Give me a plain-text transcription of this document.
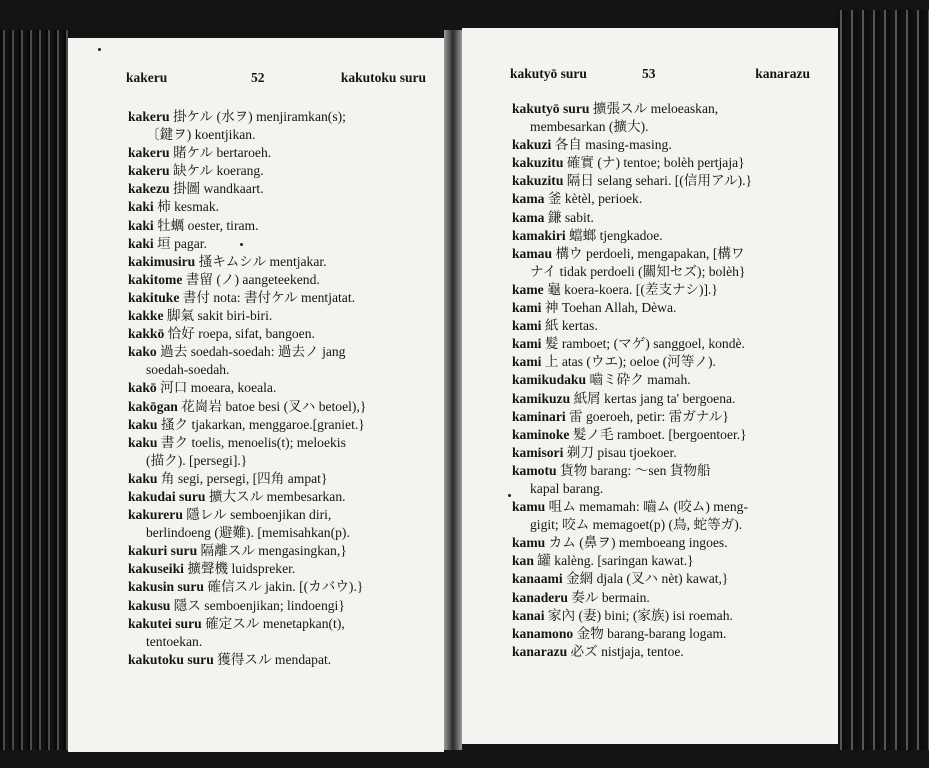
kakeru	52	kakutoku suru
kakeru 掛ケル (水ヲ) menjiramkan(s);
〔鍵ヲ) koentjikan.
kakeru 賭ケル bertaroeh.
kakeru 缺ケル koerang.
kakezu 掛圖 wandkaart.
kaki 柿 kesmak.
kaki 牡蠣 oester, tiram.
kaki 垣 pagar.
kakimusiru 搔キムシル mentjakar.
kakitome 書留 (ノ) aangeteekend.
kakituke 書付 nota: 書付ケル mentjatat.
kakke 脚氣 sakit biri-biri.
kakkō 恰好 roepa, sifat, bangoen.
kako 過去 soedah-soedah: 過去ノ jang
soedah-soedah.
kakō 河口 moeara, koeala.
kakōgan 花崗岩 batoe besi (叉ハ betoel),}
kaku 搔ク tjakarkan, menggaroe.[graniet.}
kaku 書ク toelis, menoelis(t); meloekis
(描ク). [persegi].}
kaku 角 segi, persegi, [四角 ampat}
kakudai suru 擴大スル membesarkan.
kakureru 隱レル semboenjikan diri,
berlindoeng (避難). [memisahkan(p).
kakuri suru 隔離スル mengasingkan,}
kakuseiki 擴聲機 luidspreker.
kakusin suru 確信スル jakin. [(カバウ).}
kakusu 隱ス semboenjikan; lindoengi}
kakutei suru 確定スル menetapkan(t),
tentoekan.
kakutoku suru 獲得スル mendapat.
kakutyō suru	53	kanarazu
kakutyō suru 擴張スル meloeaskan,
membesarkan (擴大).
kakuzi 各自 masing-masing.
kakuzitu 確實 (ナ) tentoe; bolèh pertjaja}
kakuzitu 隔日 selang sehari. [(信用アル).}
kama 釜 kètèl, perioek.
kama 鎌 sabit.
kamakiri 蟷螂 tjengkadoe.
kamau 構ウ perdoeli, mengapakan, [構ワ
ナイ tidak perdoeli (關知セズ); bolèh}
kame 龜 koera-koera. [(差支ナシ)].}
kami 神 Toehan Allah, Dèwa.
kami 紙 kertas.
kami 髮 ramboet; (マゲ) sanggoel, kondè.
kami 上 atas (ウエ); oeloe (河等ノ).
kamikudaku 嚙ミ砕ク mamah.
kamikuzu 紙屑 kertas jang ta' bergoena.
kaminari 雷 goeroeh, petir: 雷ガナル}
kaminoke 髮ノ毛 ramboet. [bergoentoer.}
kamisori 剃刀 pisau tjoekoer.
kamotu 貨物 barang: ～sen 貨物船
kapal barang.
kamu 咀ム memamah: 嚙ム (咬ム) meng-
gigit; 咬ム memagoet(p) (鳥, 蛇等ガ).
kamu カム (鼻ヲ) memboeang ingoes.
kan 罐 kalèng. [saringan kawat.}
kanaami 金網 djala (叉ハ nèt) kawat,}
kanaderu 奏ル bermain.
kanai 家內 (妻) bini; (家族) isi roemah.
kanamono 金物 barang-barang logam.
kanarazu 必ズ nistjaja, tentoe.
